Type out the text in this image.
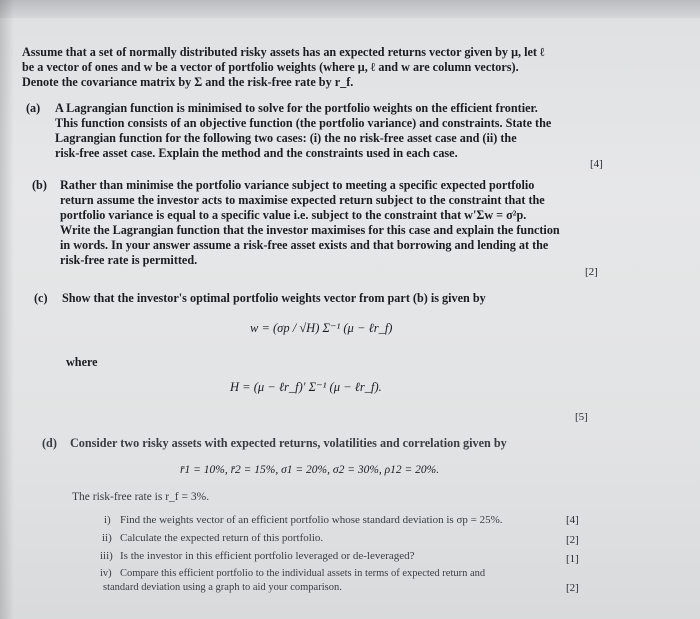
Assume that a set of normally distributed risky assets has an expected returns vector given by μ, let ℓ
be a vector of ones and w be a vector of portfolio weights (where μ, ℓ and w are column vectors).
Denote the covariance matrix by Σ and the risk-free rate by r_f.
(a) A Lagrangian function is minimised to solve for the portfolio weights on the efficient frontier.
This function consists of an objective function (the portfolio variance) and constraints. State the
Lagrangian function for the following two cases: (i) the no risk-free asset case and (ii) the
risk-free asset case. Explain the method and the constraints used in each case.
[4]
(b) Rather than minimise the portfolio variance subject to meeting a specific expected portfolio
return assume the investor acts to maximise expected return subject to the constraint that the
portfolio variance is equal to a specific value i.e. subject to the constraint that w'Σw = σ²p.
Write the Lagrangian function that the investor maximises for this case and explain the function
in words. In your answer assume a risk-free asset exists and that borrowing and lending at the
risk-free rate is permitted.
[2]
(c) Show that the investor's optimal portfolio weights vector from part (b) is given by
w = (σp / √H) Σ⁻¹ (μ − ℓr_f)
where
H = (μ − ℓr_f)′ Σ⁻¹ (μ − ℓr_f).
[5]
(d) Consider two risky assets with expected returns, volatilities and correlation given by
r̄1 = 10%, r̄2 = 15%, σ1 = 20%, σ2 = 30%, ρ12 = 20%.
The risk-free rate is r_f = 3%.
i) Find the weights vector of an efficient portfolio whose standard deviation is σp = 25%.	[4]
ii) Calculate the expected return of this portfolio.	[2]
iii) Is the investor in this efficient portfolio leveraged or de-leveraged?	[1]
iv) Compare this efficient portfolio to the individual assets in terms of expected return and
standard deviation using a graph to aid your comparison.	[2]
